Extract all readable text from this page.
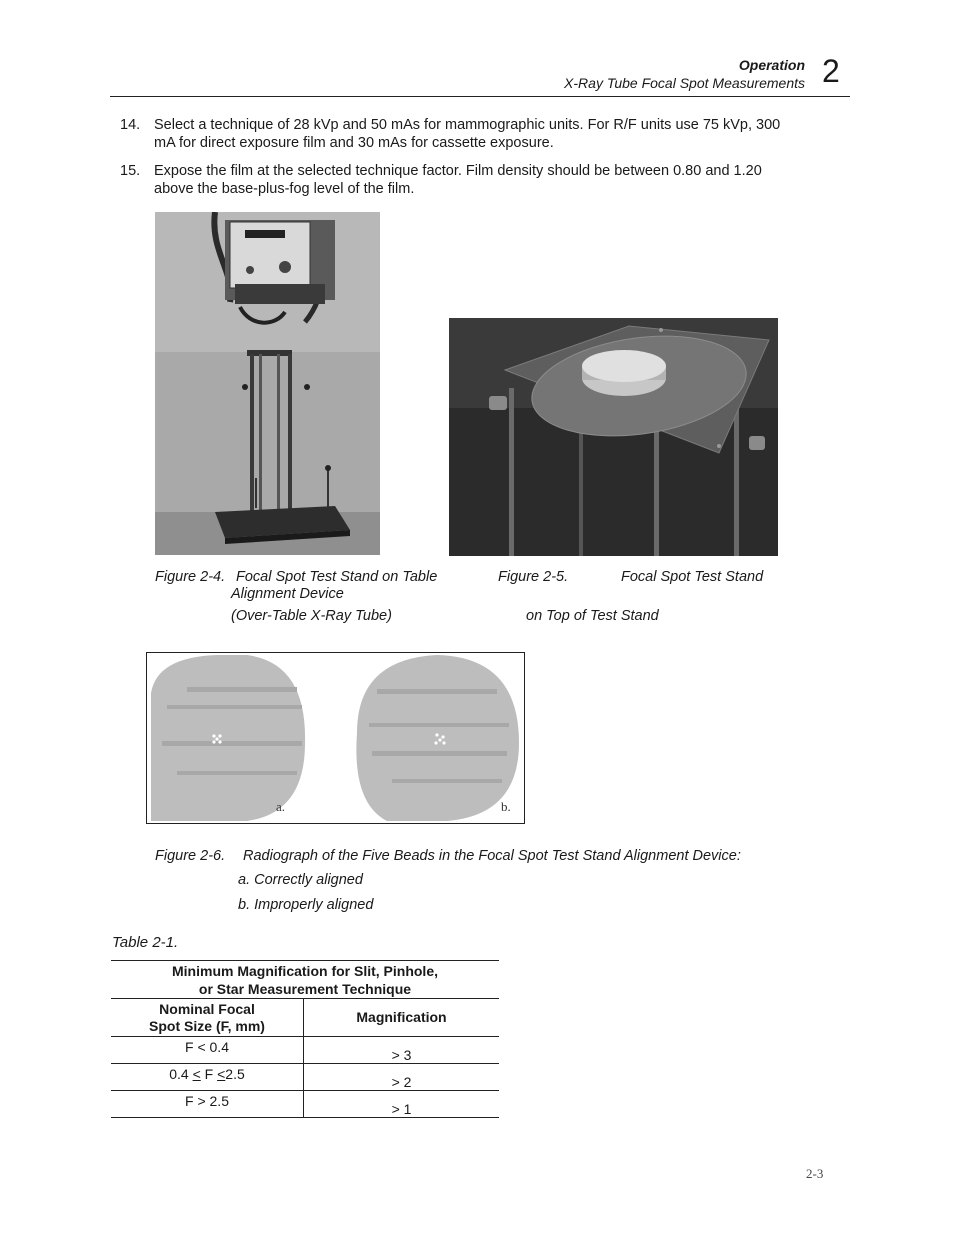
Operation
X-Ray Tube Focal Spot Measurements 2
14. Select a technique of 28 kVp and 50 mAs for mammographic units. For R/F units use 75 kVp, 300
mA for direct exposure film and 30 mAs for cassette exposure.
15. Expose the film at the selected technique factor. Film density should be between 0.80 and 1.20
above the base-plus-fog level of the film.
Figure 2-4. Focal Spot Test Stand on Table
Alignment Device
(Over-Table X-Ray Tube)
Figure 2-5.	Focal Spot Test Stand
on Top of Test Stand
a.	b.
Figure 2-6. Radiograph of the Five Beads in the Focal Spot Test Stand Alignment Device:
a. Correctly aligned
b. Improperly aligned
Table 2-1.
Minimum Magnification for Slit, Pinhole,
or Star Measurement Technique	
Nominal Focal
Spot Size (F, mm)	Magnification
F < 0.4	> 3
0.4 < F <2.5	> 2
F > 2.5	> 1
2-3
